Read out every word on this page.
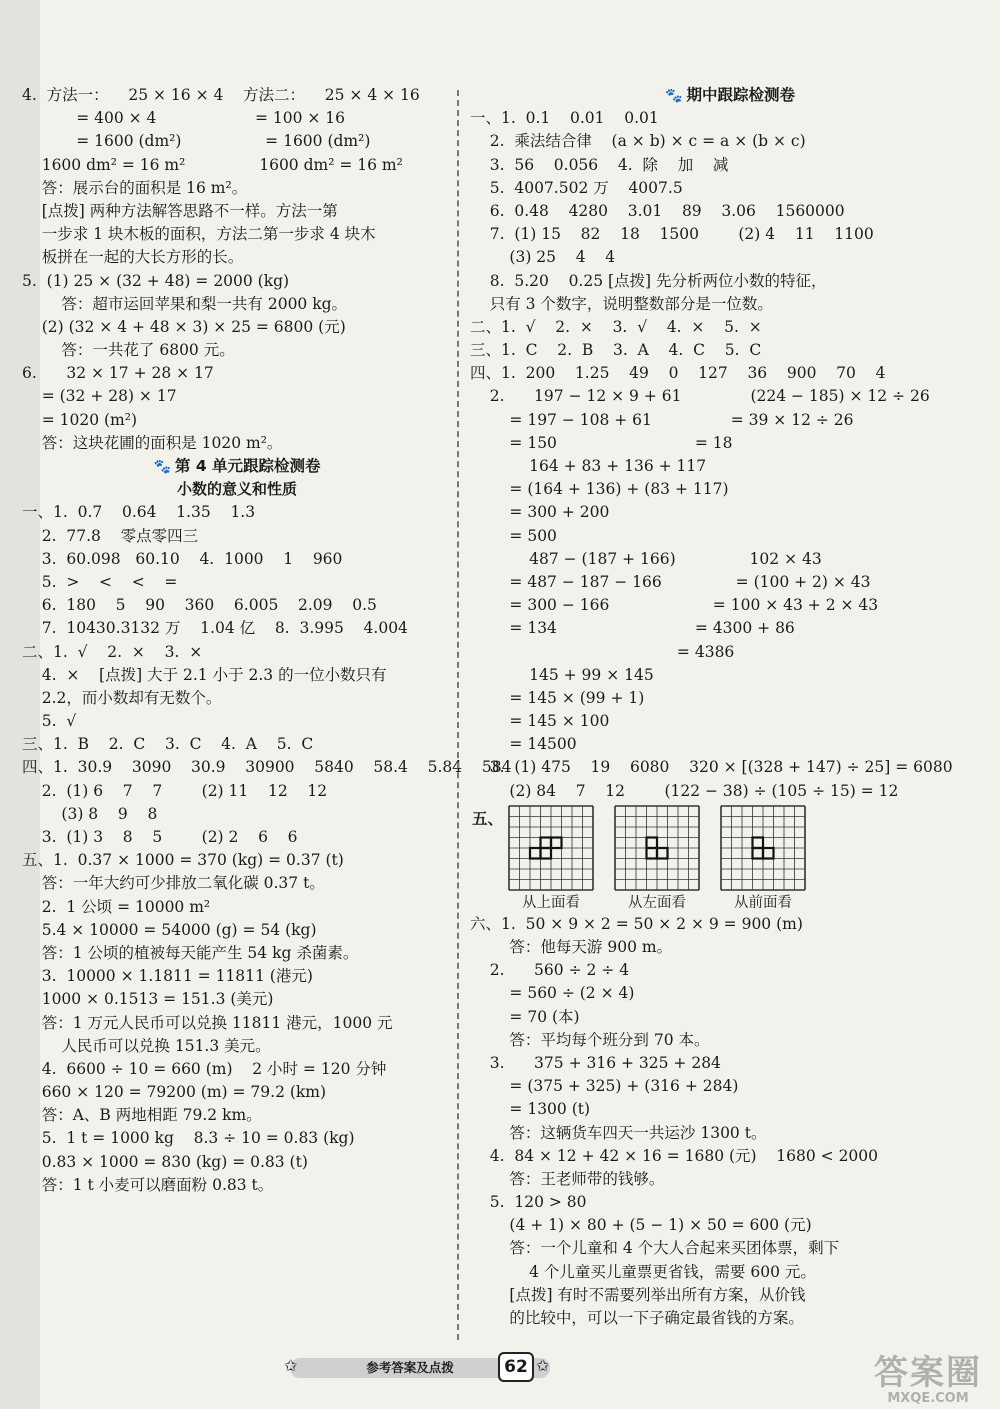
4.  方法一：    25 × 16 × 4    方法二：    25 × 4 × 16
= 400 × 4                    = 100 × 16
= 1600 (dm²)                 = 1600 (dm²)
1600 dm² = 16 m²               1600 dm² = 16 m²
答：展示台的面积是 16 m²。
[点拨] 两种方法解答思路不一样。方法一第
一步求 1 块木板的面积，方法二第一步求 4 块木
板拼在一起的大长方形的长。
5.  (1) 25 × (32 + 48) = 2000 (kg)
答：超市运回苹果和梨一共有 2000 kg。
(2) (32 × 4 + 48 × 3) × 25 = 6800 (元)
答：一共花了 6800 元。
6.      32 × 17 + 28 × 17
= (32 + 28) × 17
= 1020 (m²)
答：这块花圃的面积是 1020 m²。
🐾 第 4 单元跟踪检测卷
小数的意义和性质
一、1.  0.7    0.64    1.35    1.3
2.  77.8    零点零四三
3.  60.098   60.10    4.  1000    1    960
5.  >    <    <    =
6.  180    5    90    360    6.005    2.09    0.5
7.  10430.3132 万    1.04 亿    8.  3.995    4.004
二、1.  √    2.  ×    3.  ×
4.  ×    [点拨] 大于 2.1 小于 2.3 的一位小数只有
2.2，而小数却有无数个。
5.  √
三、1.  B    2.  C    3.  C    4.  A    5.  C
四、1.  30.9    3090    30.9    30900    5840    58.4    5.84    584
2.  (1) 6    7    7        (2) 11    12    12
(3) 8    9    8
3.  (1) 3    8    5        (2) 2    6    6
五、1.  0.37 × 1000 = 370 (kg) = 0.37 (t)
答：一年大约可少排放二氧化碳 0.37 t。
2.  1 公顷 = 10000 m²
5.4 × 10000 = 54000 (g) = 54 (kg)
答：1 公顷的植被每天能产生 54 kg 杀菌素。
3.  10000 × 1.1811 = 11811 (港元)
1000 × 0.1513 = 151.3 (美元)
答：1 万元人民币可以兑换 11811 港元，1000 元
人民币可以兑换 151.3 美元。
4.  6600 ÷ 10 = 660 (m)    2 小时 = 120 分钟
660 × 120 = 79200 (m) = 79.2 (km)
答：A、B 两地相距 79.2 km。
5.  1 t = 1000 kg    8.3 ÷ 10 = 0.83 (kg)
0.83 × 1000 = 830 (kg) = 0.83 (t)
答：1 t 小麦可以磨面粉 0.83 t。
🐾 期中跟踪检测卷
一、1.  0.1    0.01    0.01
2.  乘法结合律    (a × b) × c = a × (b × c)
3.  56    0.056    4.  除    加    减
5.  4007.502 万    4007.5
6.  0.48    4280    3.01    89    3.06    1560000
7.  (1) 15    82    18    1500        (2) 4    11    1100
(3) 25    4    4
8.  5.20    0.25 [点拨] 先分析两位小数的特征，
只有 3 个数字，说明整数部分是一位数。
二、1.  √    2.  ×    3.  √    4.  ×    5.  ×
三、1.  C    2.  B    3.  A    4.  C    5.  C
四、1.  200    1.25    49    0    127    36    900    70    4
2.      197 − 12 × 9 + 61              (224 − 185) × 12 ÷ 26
= 197 − 108 + 61                = 39 × 12 ÷ 26
= 150                            = 18
164 + 83 + 136 + 117
= (164 + 136) + (83 + 117)
= 300 + 200
= 500
487 − (187 + 166)               102 × 43
= 487 − 187 − 166               = (100 + 2) × 43
= 300 − 166                     = 100 × 43 + 2 × 43
= 134                            = 4300 + 86
= 4386
145 + 99 × 145
= 145 × (99 + 1)
= 145 × 100
= 14500
3.  (1) 475    19    6080    320 × [(328 + 147) ÷ 25] = 6080
(2) 84    7    12        (122 − 38) ÷ (105 ÷ 15) = 12
五、
从上面看	从左面看	从前面看
六、1.  50 × 9 × 2 = 50 × 2 × 9 = 900 (m)
答：他每天游 900 m。
2.      560 ÷ 2 ÷ 4
= 560 ÷ (2 × 4)
= 70 (本)
答：平均每个班分到 70 本。
3.      375 + 316 + 325 + 284
= (375 + 325) + (316 + 284)
= 1300 (t)
答：这辆货车四天一共运沙 1300 t。
4.  84 × 12 + 42 × 16 = 1680 (元)    1680 < 2000
答：王老师带的钱够。
5.  120 > 80
(4 + 1) × 80 + (5 − 1) × 50 = 600 (元)
答：一个儿童和 4 个大人合起来买团体票，剩下
4 个儿童买儿童票更省钱，需要 600 元。
[点拨] 有时不需要列举出所有方案，从价钱
的比较中，可以一下子确定最省钱的方案。
✩	参考答案及点拨	62 ✩	答案圈
MXQE.COM
